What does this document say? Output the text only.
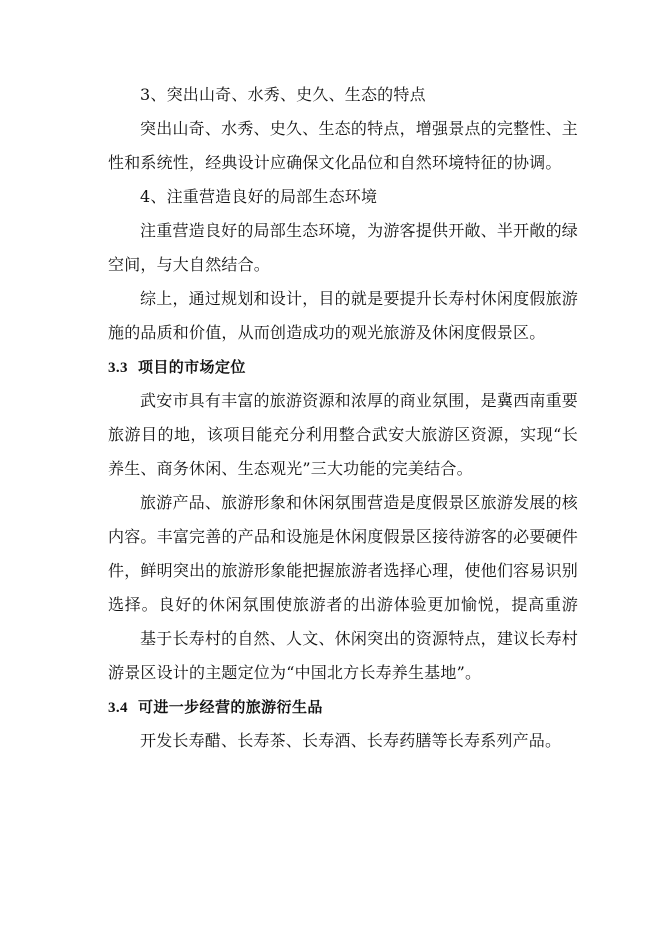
3、突出山奇、水秀、史久、生态的特点
突出山奇、水秀、史久、生态的特点，增强景点的完整性、主
性和系统性，经典设计应确保文化品位和自然环境特征的协调。
4、注重营造良好的局部生态环境
注重营造良好的局部生态环境，为游客提供开敞、半开敞的绿
空间，与大自然结合。
综上，通过规划和设计，目的就是要提升长寿村休闲度假旅游
施的品质和价值，从而创造成功的观光旅游及休闲度假景区。
3.3 项目的市场定位
武安市具有丰富的旅游资源和浓厚的商业氛围，是冀西南重要
旅游目的地，该项目能充分利用整合武安大旅游区资源，实现“长
养生、商务休闲、生态观光”三大功能的完美结合。
旅游产品、旅游形象和休闲氛围营造是度假景区旅游发展的核
内容。丰富完善的产品和设施是休闲度假景区接待游客的必要硬件
件，鲜明突出的旅游形象能把握旅游者选择心理，使他们容易识别
选择。良好的休闲氛围使旅游者的出游体验更加愉悦，提高重游
基于长寿村的自然、人文、休闲突出的资源特点，建议长寿村
游景区设计的主题定位为“中国北方长寿养生基地”。
3.4 可进一步经营的旅游衍生品
开发长寿醋、长寿茶、长寿酒、长寿药膳等长寿系列产品。
